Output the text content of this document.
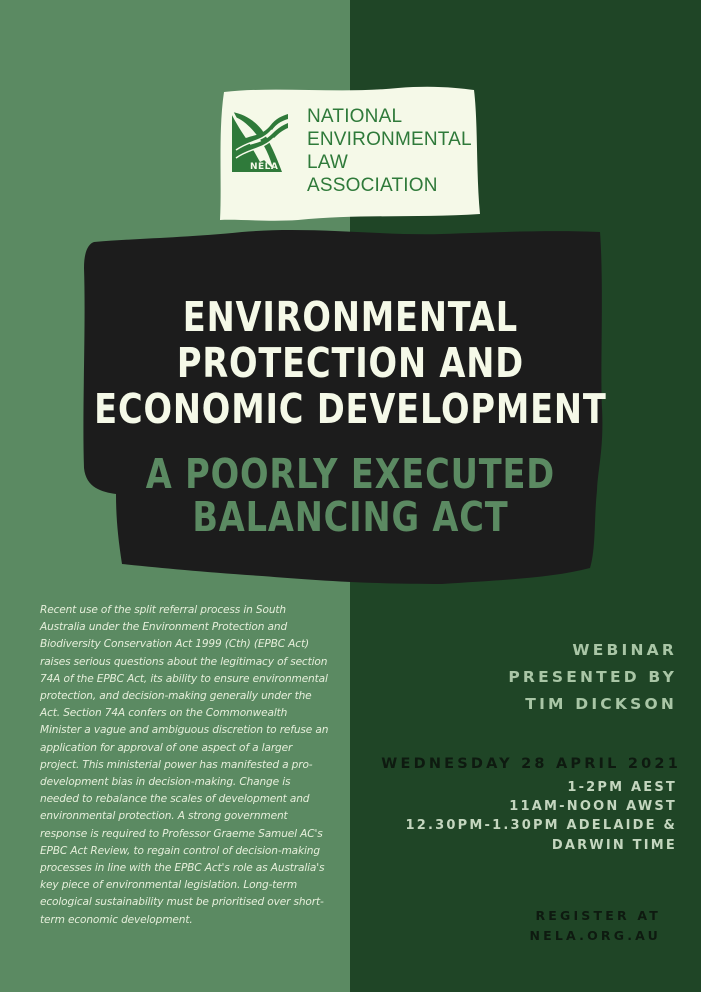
NELA
NATIONAL
ENVIRONMENTAL
LAW
ASSOCIATION
ENVIRONMENTAL
PROTECTION AND
ECONOMIC DEVELOPMENT
A POORLY EXECUTED
BALANCING ACT
Recent use of the split referral process in South Australia under the Environment Protection and Biodiversity Conservation Act 1999 (Cth) (EPBC Act) raises serious questions about the legitimacy of section 74A of the EPBC Act, its ability to ensure environmental protection, and decision-making generally under the Act. Section 74A confers on the Commonwealth Minister a vague and ambiguous discretion to refuse an application for approval of one aspect of a larger project. This ministerial power has manifested a pro-development bias in decision-making. Change is needed to rebalance the scales of development and environmental protection. A strong government response is required to Professor Graeme Samuel AC's EPBC Act Review, to regain control of decision-making processes in line with the EPBC Act's role as Australia's key piece of environmental legislation. Long-term ecological sustainability must be prioritised over short-term economic development.
WEBINAR
PRESENTED BY
TIM DICKSON
WEDNESDAY 28 APRIL 2021
1-2PM AEST
11AM-NOON AWST
12.30PM-1.30PM ADELAIDE &
DARWIN TIME
REGISTER AT
NELA.ORG.AU
